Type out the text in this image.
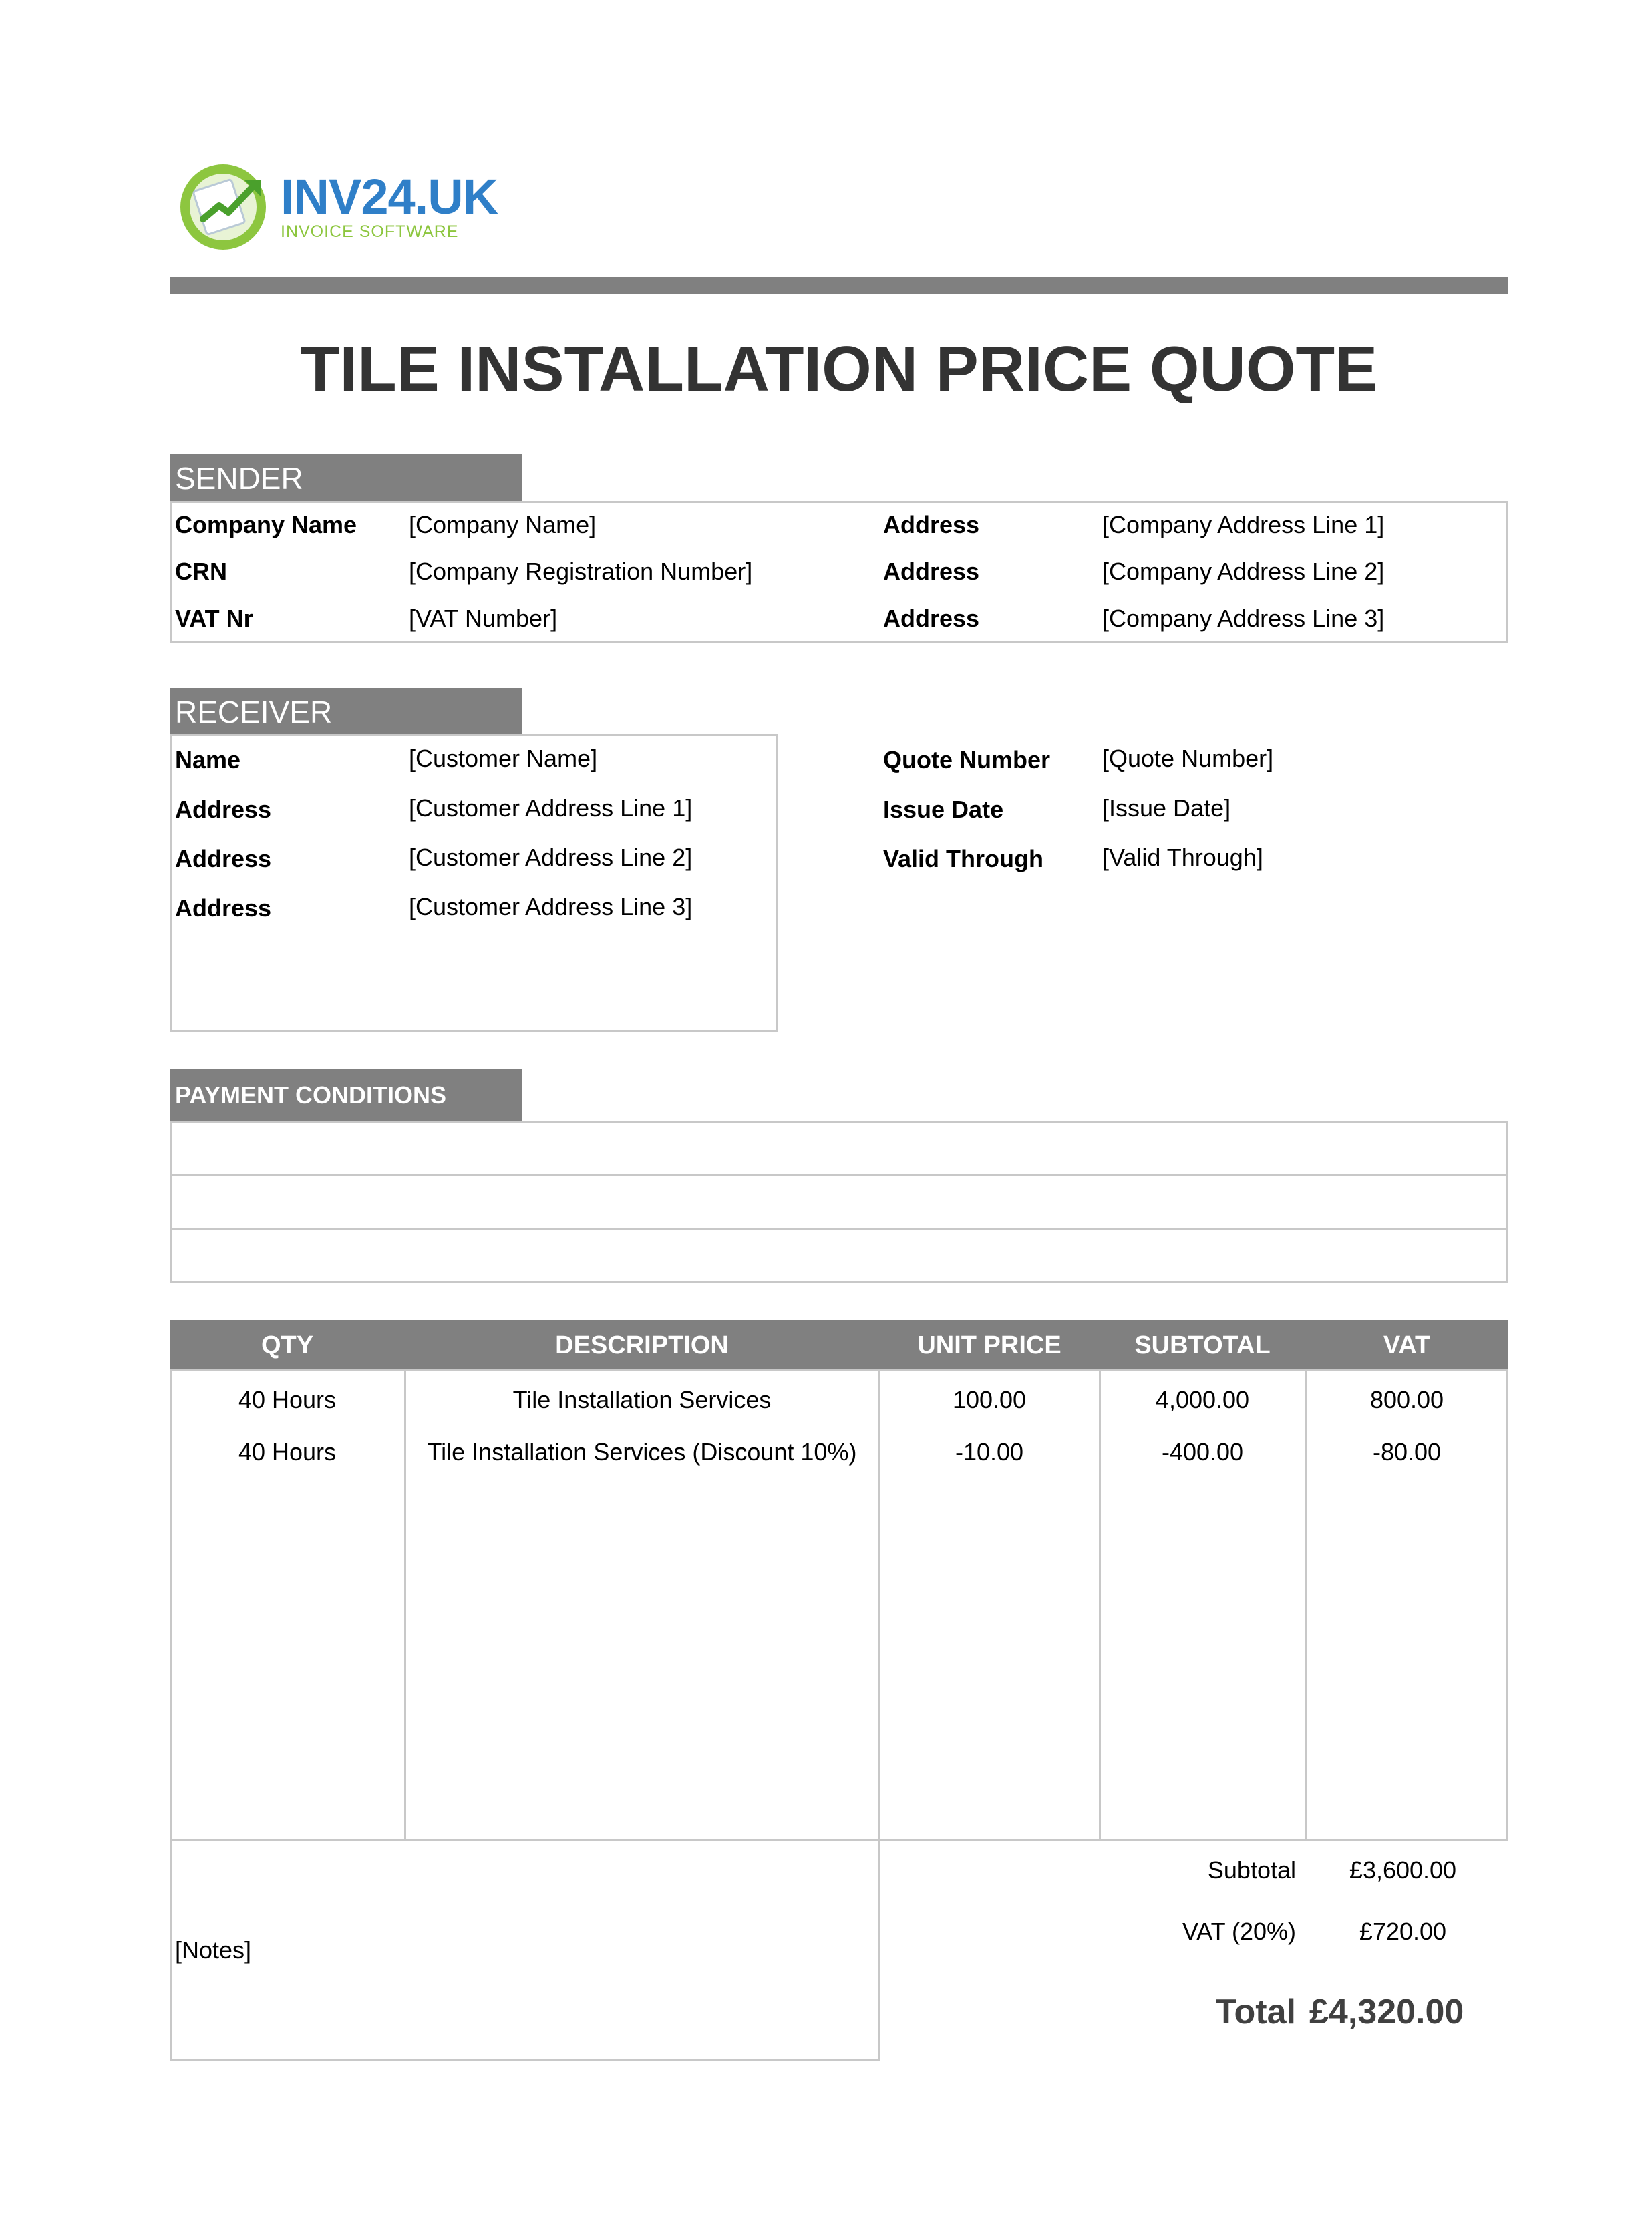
INV24.UK
INVOICE SOFTWARE
TILE INSTALLATION PRICE QUOTE
SENDER
Company Name [Company Name]	Address	[Company Address Line 1]
CRN	[Company Registration Number]	Address	[Company Address Line 2]
VAT Nr	[VAT Number]	Address	[Company Address Line 3]
RECEIVER
Name	[Customer Name]
Address	[Customer Address Line 1]
Address	[Customer Address Line 2]
Address	[Customer Address Line 3]
Quote Number [Quote Number]
Issue Date	[Issue Date]
Valid Through [Valid Through]
PAYMENT CONDITIONS
QTY	DESCRIPTION	UNIT PRICE	SUBTOTAL	VAT
40 Hours	Tile Installation Services	100.00	4,000.00	800.00
40 Hours	Tile Installation Services (Discount 10%)	-10.00	-400.00	-80.00
[Notes]
Subtotal	£3,600.00
VAT (20%)	£720.00
Total £4,320.00
